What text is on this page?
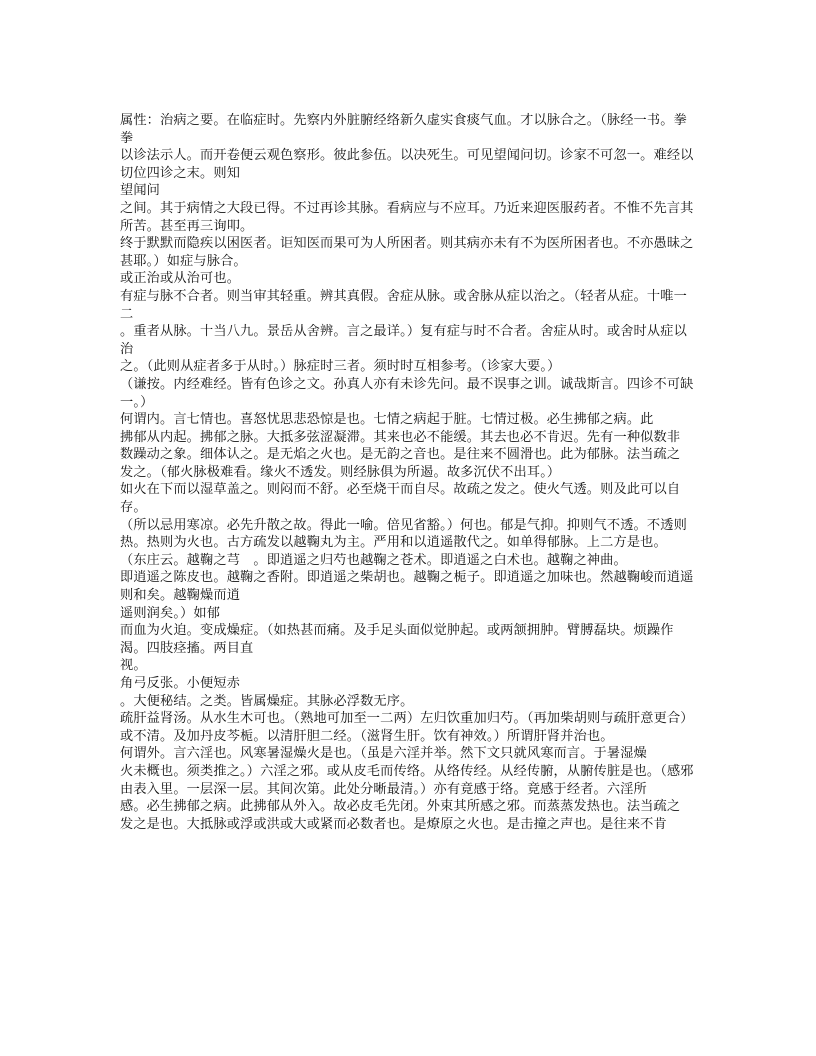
属性：治病之要。在临症时。先察内外脏腑经络新久虚实食痰气血。才以脉合之。（脉经一书。拳拳

以诊法示人。而开卷便云观色察形。彼此参伍。以决死生。可见望闻问切。诊家不可忽一。难经以切位四诊之末。则知

望闻问

之间。其于病情之大段已得。不过再诊其脉。看病应与不应耳。乃近来迎医服药者。不惟不先言其所苦。甚至再三询叩。

终于默默而隐疾以困医者。讵知医而果可为人所困者。则其病亦未有不为医所困者也。不亦愚昧之甚耶。）如症与脉合。

或正治或从治可也。

有症与脉不合者。则当审其轻重。辨其真假。舍症从脉。或舍脉从症以治之。（轻者从症。十唯一二

。重者从脉。十当八九。景岳从舍辨。言之最详。）复有症与时不合者。舍症从时。或舍时从症以治

之。（此则从症者多于从时。）脉症时三者。须时时互相参考。（诊家大要。）

（谦按。内经难经。皆有色诊之文。孙真人亦有未诊先问。最不误事之训。诚哉斯言。四诊不可缺一。）

何谓内。言七情也。喜怒忧思悲恐惊是也。七情之病起于脏。七情过极。必生拂郁之病。此

拂郁从内起。拂郁之脉。大抵多弦涩凝滞。其来也必不能缓。其去也必不肯迟。先有一种似数非

数躁动之象。细体认之。是无焰之火也。是无韵之音也。是往来不圆滑也。此为郁脉。法当疏之

发之。（郁火脉极难看。缘火不透发。则经脉俱为所遏。故多沉伏不出耳。）

如火在下而以湿草盖之。则闷而不舒。必至烧干而自尽。故疏之发之。使火气透。则及此可以自存。

（所以忌用寒凉。必先升散之故。得此一喻。倍见省豁。）何也。郁是气抑。抑则气不透。不透则热。热则为火也。古方疏发以越鞠丸为主。严用和以逍遥散代之。如单得郁脉。上二方是也。

（东庄云。越鞠之芎　。即逍遥之归芍也越鞠之苍术。即逍遥之白术也。越鞠之神曲。

即逍遥之陈皮也。越鞠之香附。即逍遥之柴胡也。越鞠之栀子。即逍遥之加味也。然越鞠峻而逍遥则和矣。越鞠燥而逍

遥则润矣。）如郁

而血为火迫。变成燥症。（如热甚而痛。及手足头面似觉肿起。或两颔拥肿。臂膊磊块。烦躁作渴。四肢痉搐。两目直

视。

角弓反张。小便短赤

。大便秘结。之类。皆属燥症。其脉必浮数无序。

疏肝益肾汤。从水生木可也。（熟地可加至一二两）左归饮重加归芍。（再加柴胡则与疏肝意更合）

或不清。及加丹皮芩栀。以清肝胆二经。（滋肾生肝。饮有神效。）所谓肝肾并治也。

何谓外。言六淫也。风寒暑湿燥火是也。（虽是六淫并举。然下文只就风寒而言。于暑湿燥

火未概也。须类推之。）六淫之邪。或从皮毛而传络。从络传经。从经传腑，从腑传脏是也。（感邪由表入里。一层深一层。其间次第。此处分晰最清。）亦有竟感于络。竟感于经者。六淫所

感。必生拂郁之病。此拂郁从外入。故必皮毛先闭。外束其所感之邪。而蒸蒸发热也。法当疏之

发之是也。大抵脉或浮或洪或大或紧而必数者也。是燎原之火也。是击撞之声也。是往来不肯
